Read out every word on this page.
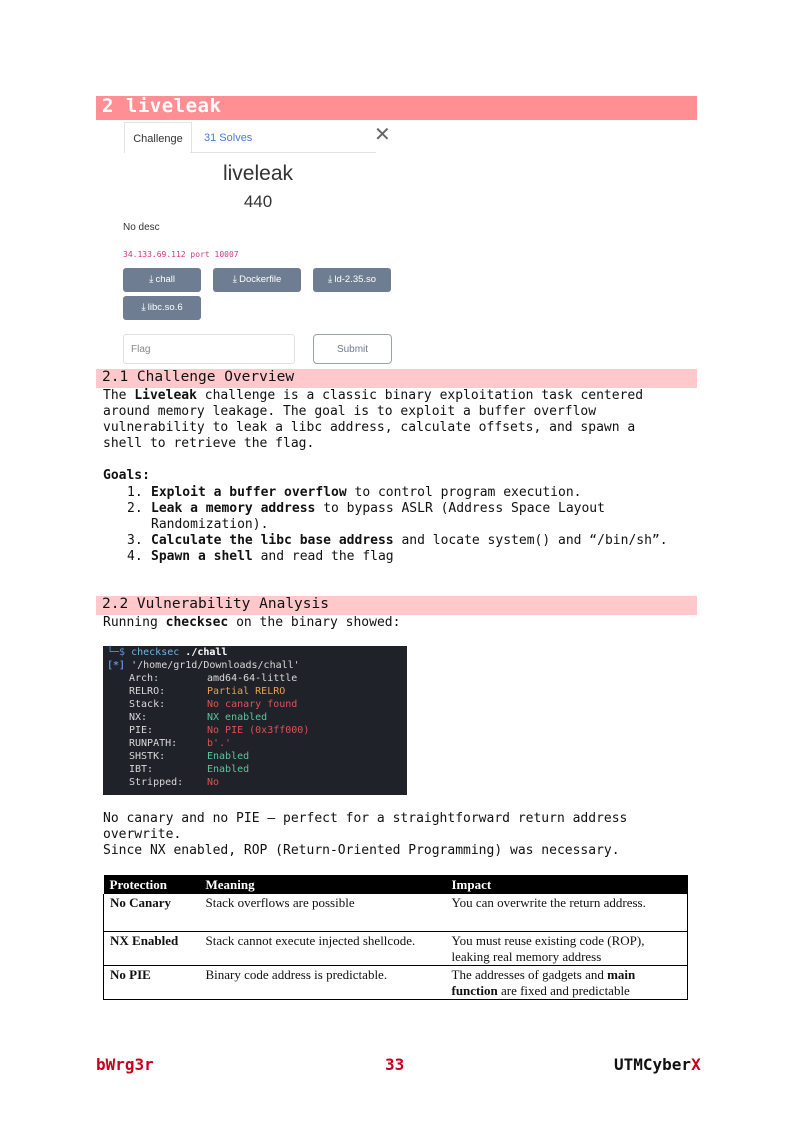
2 liveleak
Challenge	31 Solves	✕
liveleak
440
No desc
34.133.69.112 port 10007
⤓ chall	⤓ Dockerfile	⤓ ld-2.35.so
⤓ libc.so.6
Flag	Submit
2.1 Challenge Overview
The Liveleak challenge is a classic binary exploitation task centered
around memory leakage. The goal is to exploit a buffer overflow
vulnerability to leak a libc address, calculate offsets, and spawn a
shell to retrieve the flag.
Goals:
1. Exploit a buffer overflow to control program execution.
2. Leak a memory address to bypass ASLR (Address Space Layout Randomization).
3. Calculate the libc base address and locate system() and “/bin/sh”.
4. Spawn a shell and read the flag
2.2 Vulnerability Analysis
Running checksec on the binary showed:
└─$ checksec ./chall
[*] '/home/gr1d/Downloads/chall'
Arch:	amd64-64-little
RELRO:	Partial RELRO
Stack:	No canary found
NX:	NX enabled
PIE:	No PIE (0x3ff000)
RUNPATH:	b'.'
SHSTK:	Enabled
IBT:	Enabled
Stripped: No
No canary and no PIE — perfect for a straightforward return address
overwrite.
Since NX enabled, ROP (Return-Oriented Programming) was necessary.
Protection	Meaning	Impact
No Canary	Stack overflows are possible	You can overwrite the return address.
NX Enabled	Stack cannot execute injected shellcode.	You must reuse existing code (ROP), leaking real memory address
No PIE	Binary code address is predictable.	The addresses of gadgets and main function are fixed and predictable
bWrg3r	33	UTMCyberX
